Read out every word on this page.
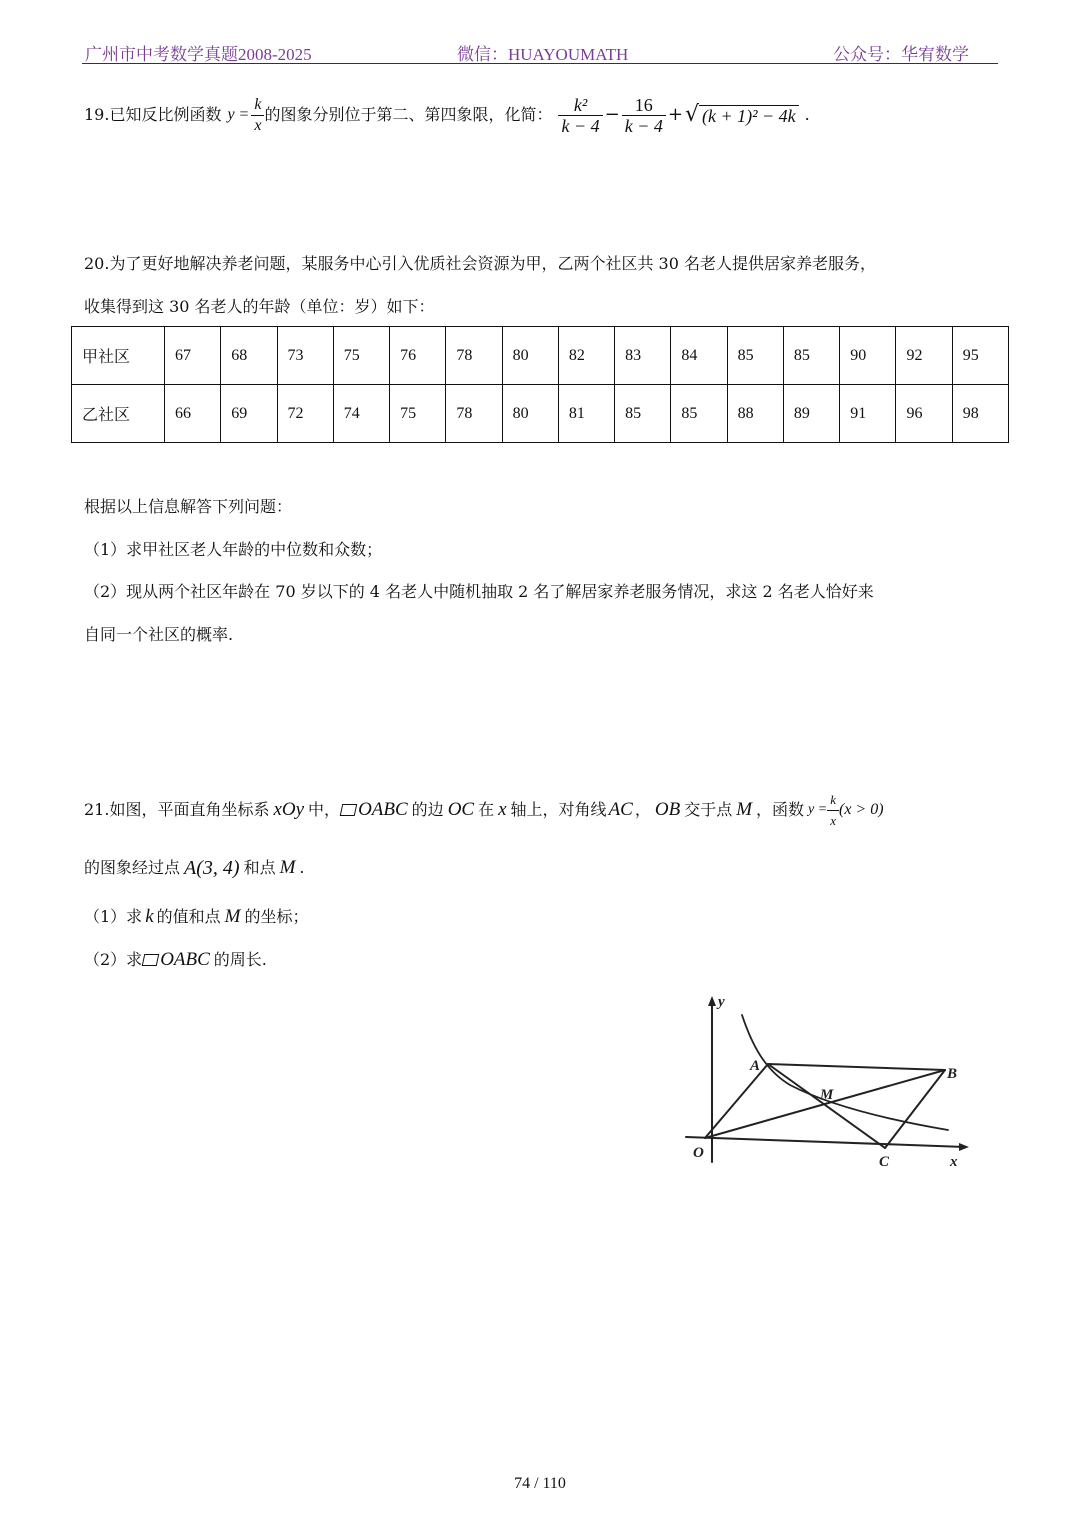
广州市中考数学真题2008-2025	微信：HUAYOUMATH	公众号：华宥数学
19.已知反比例函数 $y = \frac{k}{x}$ 的图象分别位于第二、第四象限，化简： $\frac{\text{k²}}{k - 4} - \frac{16}{k - 4}$ + √ (k + 1)² − 4k .
20.为了更好地解决养老问题，某服务中心引入优质社会资源为甲，乙两个社区共 30 名老人提供居家养老服务，
收集得到这 30 名老人的年龄（单位：岁）如下：
甲社区	67	68	73	75	76	78	80	82	83	84	85	85	90	92	95
乙社区	66	69	72	74	75	78	80	81	85	85	88	89	91	96	98
根据以上信息解答下列问题：
（1）求甲社区老人年龄的中位数和众数；
（2）现从两个社区年龄在 70 岁以下的 4 名老人中随机抽取 2 名了解居家养老服务情况，求这 2 名老人恰好来
自同一个社区的概率.
21.如图，平面直角坐标系 xOy 中， OABC 的边 OC 在 x 轴上，对角线 AC ， OB 交于点 M ，函数 $y = \frac{k}{x} (x > 0)$
的图象经过点 A(3, 4) 和点 M .
（1）求 k 的值和点 M 的坐标；
（2）求 OABC 的周长.
y
x
O
A	B
C
M
74 / 110
